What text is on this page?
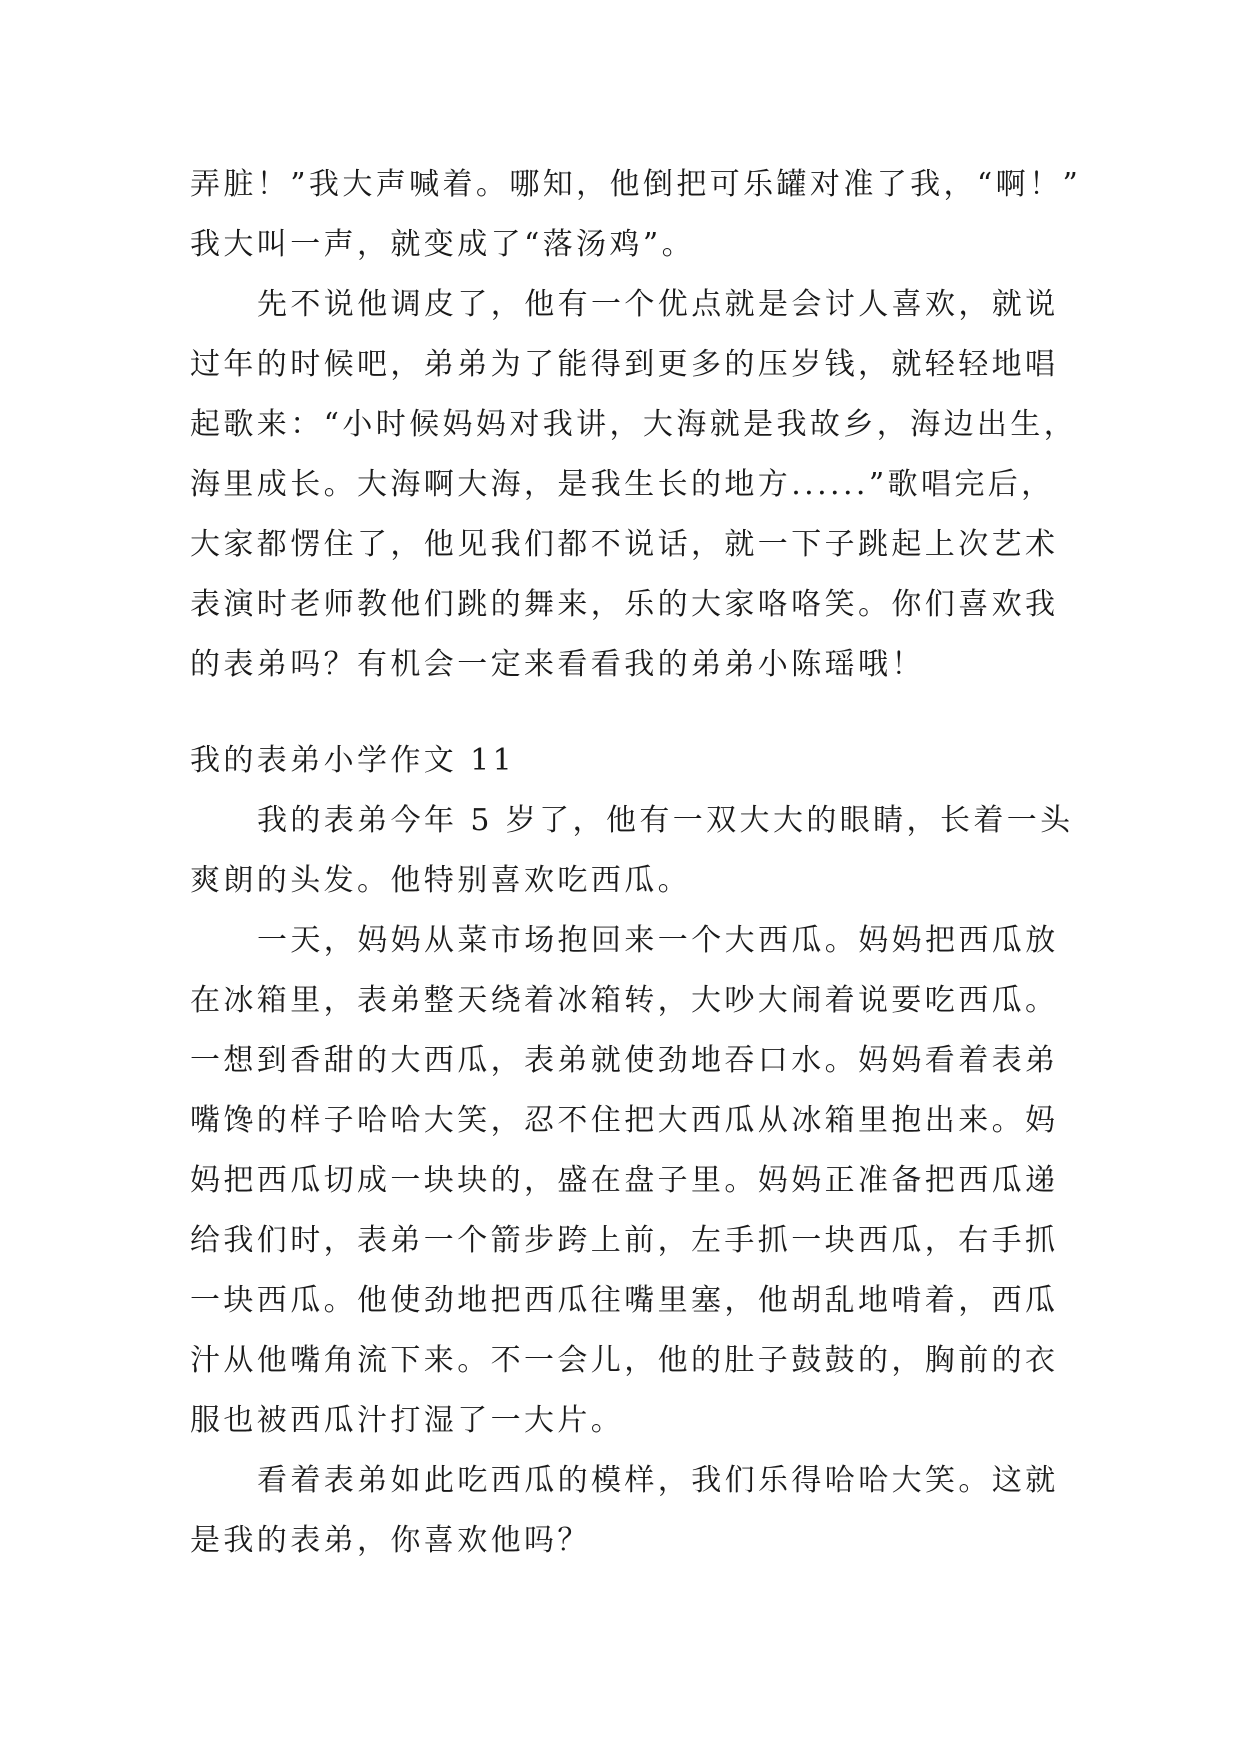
弄脏！”我大声喊着。哪知，他倒把可乐罐对准了我，“啊！”
我大叫一声，就变成了“落汤鸡”。
先不说他调皮了，他有一个优点就是会讨人喜欢，就说
过年的时候吧，弟弟为了能得到更多的压岁钱，就轻轻地唱
起歌来：“小时候妈妈对我讲，大海就是我故乡，海边出生，
海里成长。大海啊大海，是我生长的地方......”歌唱完后，
大家都愣住了，他见我们都不说话，就一下子跳起上次艺术
表演时老师教他们跳的舞来，乐的大家咯咯笑。你们喜欢我
的表弟吗？有机会一定来看看我的弟弟小陈瑶哦！
我的表弟小学作文 11
我的表弟今年 5 岁了，他有一双大大的眼睛，长着一头
爽朗的头发。他特别喜欢吃西瓜。
一天，妈妈从菜市场抱回来一个大西瓜。妈妈把西瓜放
在冰箱里，表弟整天绕着冰箱转，大吵大闹着说要吃西瓜。
一想到香甜的大西瓜，表弟就使劲地吞口水。妈妈看着表弟
嘴馋的样子哈哈大笑，忍不住把大西瓜从冰箱里抱出来。妈
妈把西瓜切成一块块的，盛在盘子里。妈妈正准备把西瓜递
给我们时，表弟一个箭步跨上前，左手抓一块西瓜，右手抓
一块西瓜。他使劲地把西瓜往嘴里塞，他胡乱地啃着，西瓜
汁从他嘴角流下来。不一会儿，他的肚子鼓鼓的，胸前的衣
服也被西瓜汁打湿了一大片。
看着表弟如此吃西瓜的模样，我们乐得哈哈大笑。这就
是我的表弟，你喜欢他吗？
